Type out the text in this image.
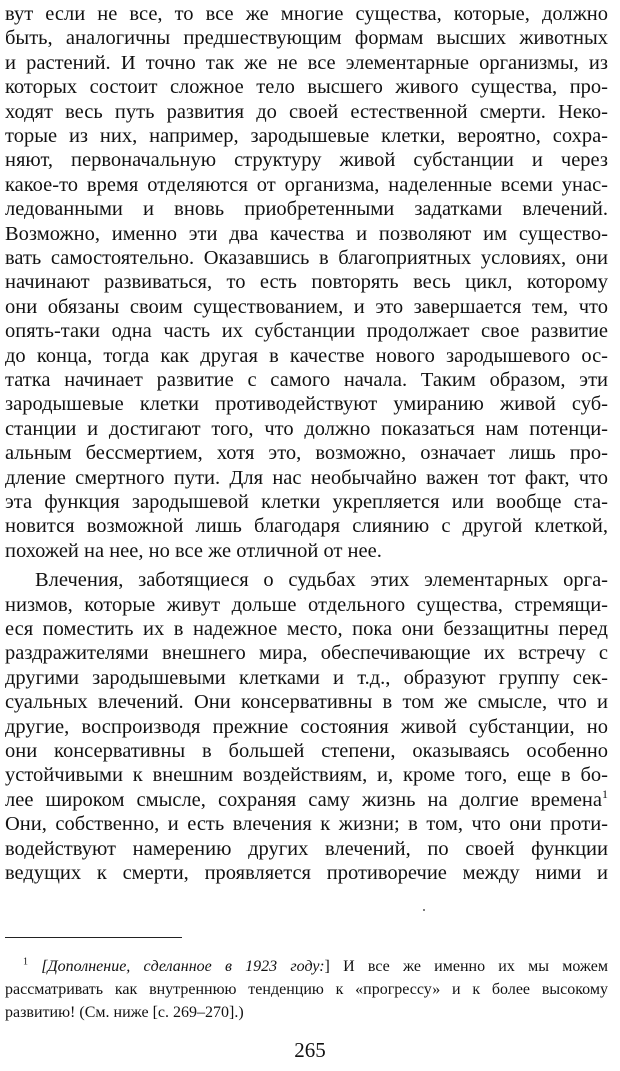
вут если не все, то все же многие существа, которые, должно
быть, аналогичны предшествующим формам высших животных
и растений. И точно так же не все элементарные организмы, из
которых состоит сложное тело высшего живого существа, про-
ходят весь путь развития до своей естественной смерти. Неко-
торые из них, например, зародышевые клетки, вероятно, сохра-
няют, первоначальную структуру живой субстанции и через
какое-то время отделяются от организма, наделенные всеми унас-
ледованными и вновь приобретенными задатками влечений.
Возможно, именно эти два качества и позволяют им существо-
вать самостоятельно. Оказавшись в благоприятных условиях, они
начинают развиваться, то есть повторять весь цикл, которому
они обязаны своим существованием, и это завершается тем, что
опять-таки одна часть их субстанции продолжает свое развитие
до конца, тогда как другая в качестве нового зародышевого ос-
татка начинает развитие с самого начала. Таким образом, эти
зародышевые клетки противодействуют умиранию живой суб-
станции и достигают того, что должно показаться нам потенци-
альным бессмертием, хотя это, возможно, означает лишь про-
дление смертного пути. Для нас необычайно важен тот факт, что
эта функция зародышевой клетки укрепляется или вообще ста-
новится возможной лишь благодаря слиянию с другой клеткой,
похожей на нее, но все же отличной от нее.
Влечения, заботящиеся о судьбах этих элементарных орга-
низмов, которые живут дольше отдельного существа, стремящи-
еся поместить их в надежное место, пока они беззащитны перед
раздражителями внешнего мира, обеспечивающие их встречу с
другими зародышевыми клетками и т.д., образуют группу сек-
суальных влечений. Они консервативны в том же смысле, что и
другие, воспроизводя прежние состояния живой субстанции, но
они консервативны в большей степени, оказываясь особенно
устойчивыми к внешним воздействиям, и, кроме того, еще в бо-
лее широком смысле, сохраняя саму жизнь на долгие времена$^1$
Они, собственно, и есть влечения к жизни; в том, что они проти-
водействуют намерению других влечений, по своей функции
ведущих к смерти, проявляется противоречие между ними и
$^1$ [Дополнение, сделанное в 1923 году:] И все же именно их мы можем
рассматривать как внутреннюю тенденцию к «прогрессу» и к более высокому
развитию! (См. ниже [с. 269–270].)
265
